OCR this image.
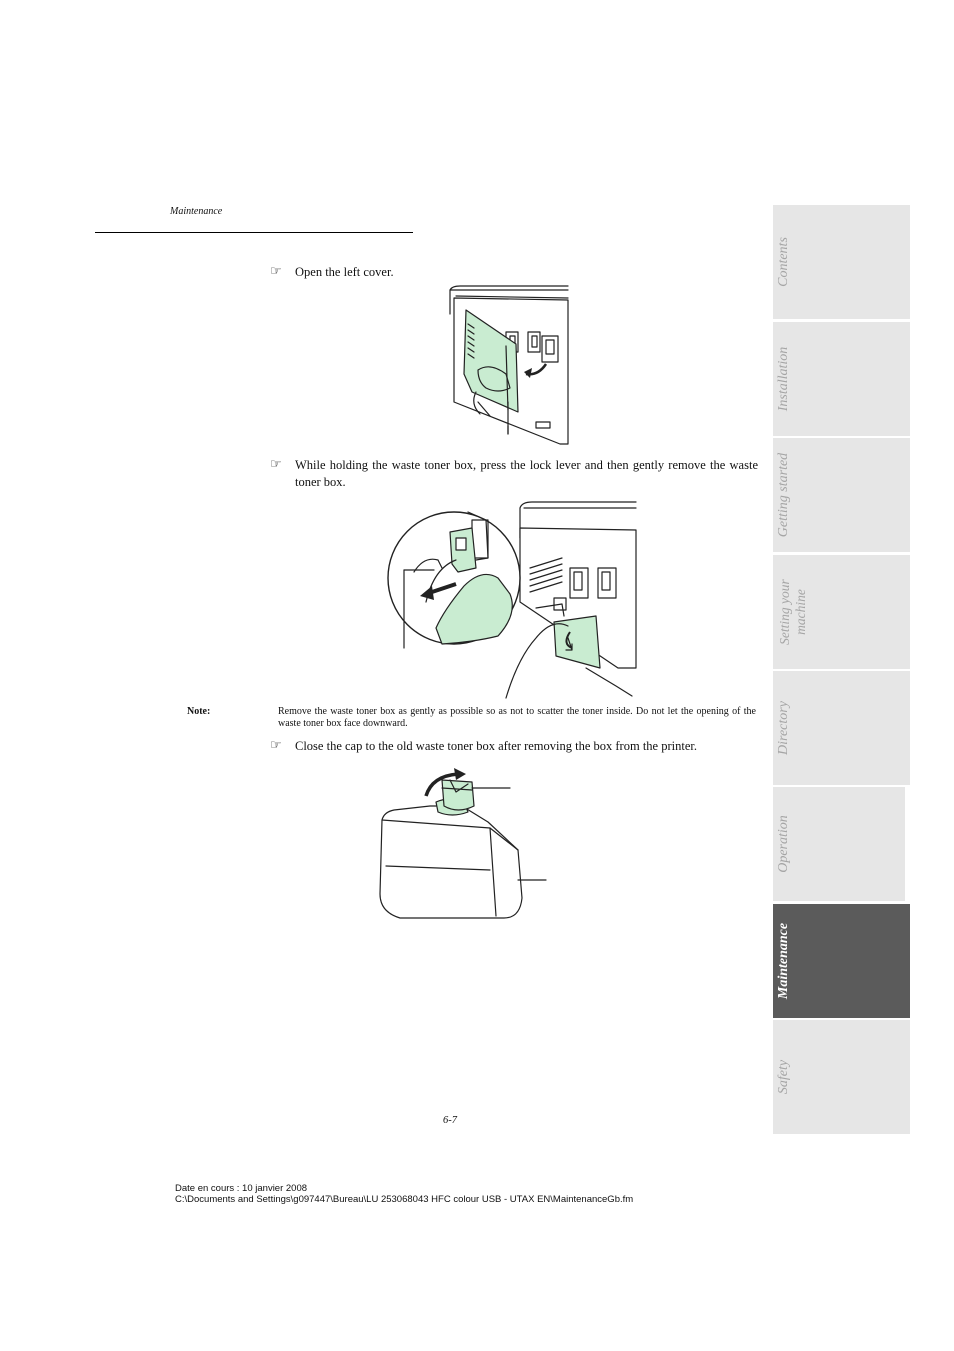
Maintenance
☞ Open the left cover.
☞ While holding the waste toner box, press the lock lever and then gently remove the waste toner box.
Note:	Remove the waste toner box as gently as possible so as not to scatter the toner inside. Do not let the opening of the waste toner box face downward.
☞ Close the cap to the old waste toner box after removing the box from the printer.
6-7
Date en cours : 10 janvier 2008
C:\Documents and Settings\g097447\Bureau\LU 253068043 HFC colour USB - UTAX EN\MaintenanceGb.fm
Contents
Installation
Getting started
Setting your machine
Directory
Operation
Maintenance
Safety
